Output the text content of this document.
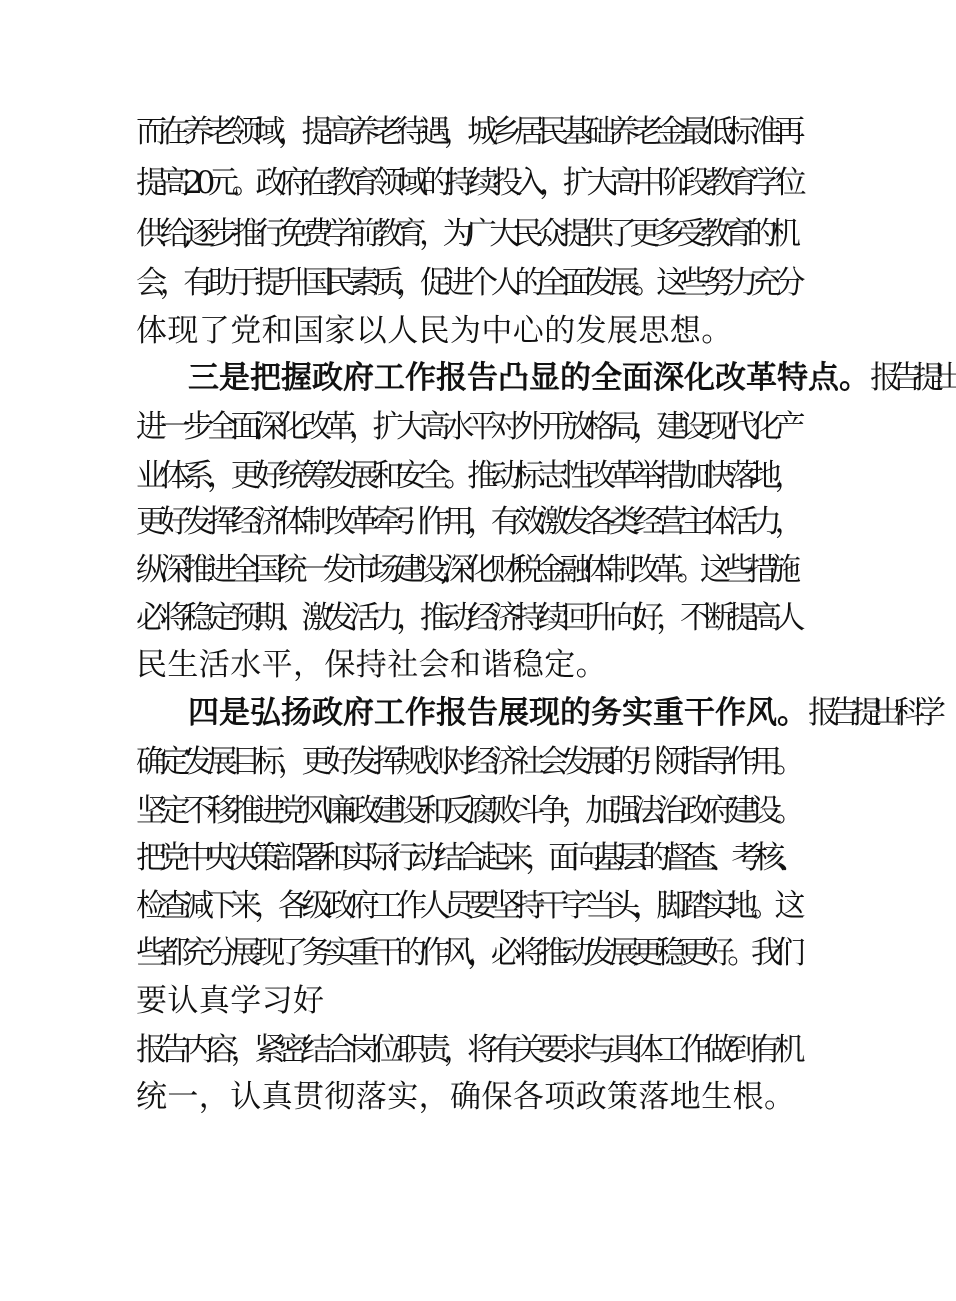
而在养老领域，提高养老待遇，城乡居民基础养老金最低标准再
提高20元。政府在教育领域的持续投入，扩大高中阶段教育学位
供给,逐步推行免费学前教育，为广大民众提供了更多受教育的机
会，有助于提升国民素质，促进个人的全面发展。这些努力充分
体现了党和国家以人民为中心的发展思想。
三是把握政府工作报告凸显的全面深化改革特点。报告提出
进一步全面深化改革，扩大高水平对外开放格局，建设现代化产
业体系，更好统筹发展和安全。推动标志性改革举措加快落地，
更好发挥经济体制改革牵引作用，有效激发各类经营主体活力，
纵深推进全国统一发市场建设,深化财税金融体制改革。这些措施
必将稳定预期、激发活力，推动经济持续回升向好，不断提高人
民生活水平，保持社会和谐稳定。
四是弘扬政府工作报告展现的务实重干作风。报告提出科学
确定发展目标，更好发挥规划对经济社会发展的引领指导作用。
坚定不移推进党风廉政建设和反腐败斗争，加强法治政府建设。
把党中央决策部署和实际行动结合起来，面向基层的督查、考核、
检查减下来，各级政府工作人员要坚持干字当头，脚踏实地。这
些都充分展现了务实重干的作风，必将推动发展更稳更好。我们
要认真学习好
报告内容，紧密结合岗位职责，将有关要求与具体工作做到有机
统一，认真贯彻落实，确保各项政策落地生根。
